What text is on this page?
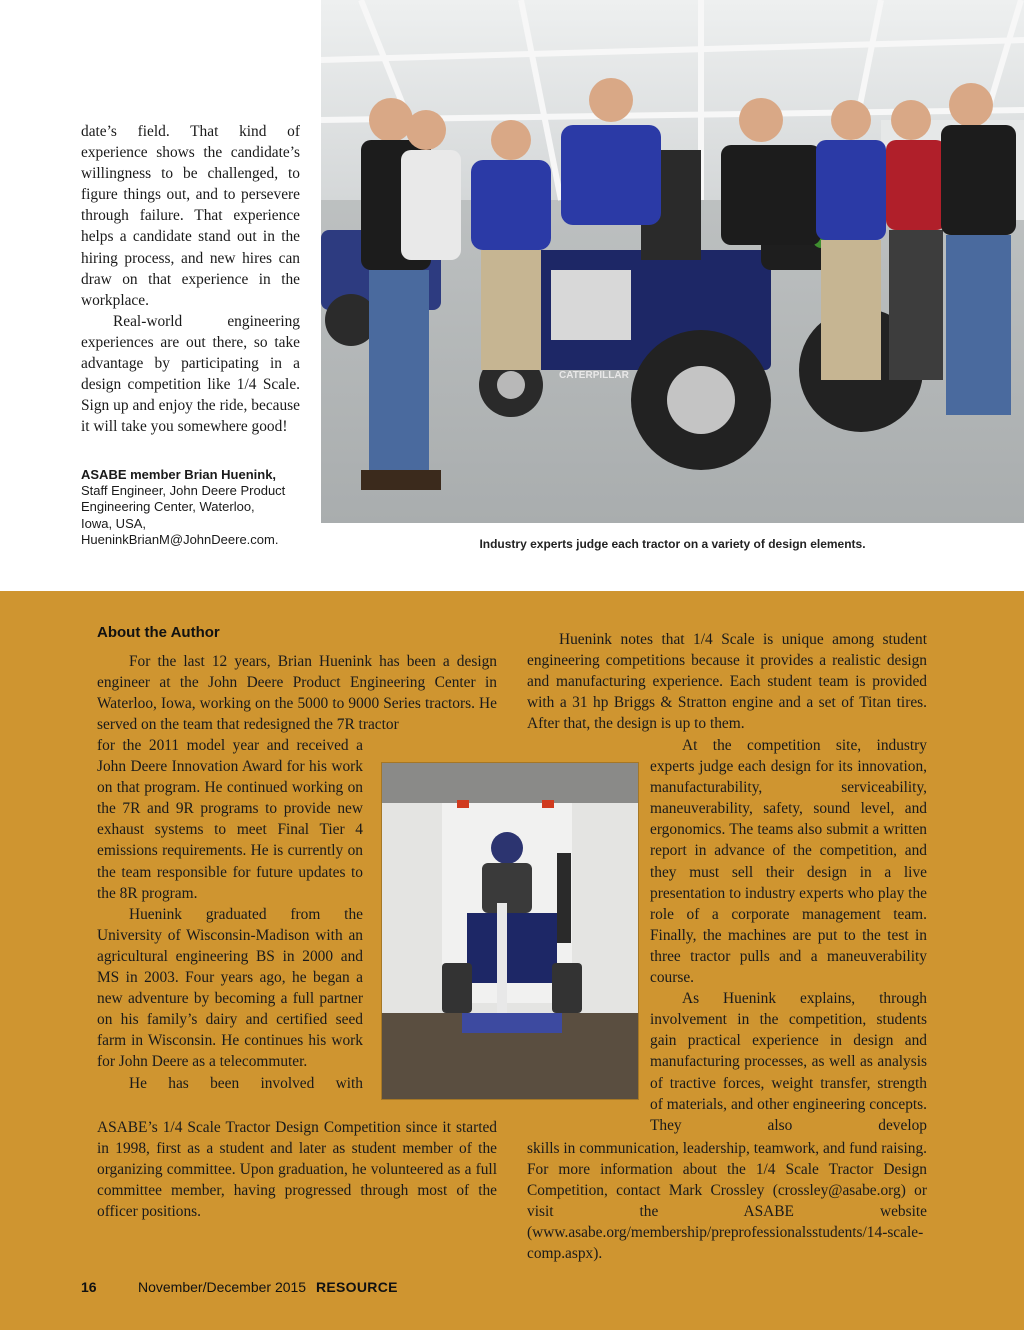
date’s field. That kind of experience shows the candidate’s willingness to be challenged, to figure things out, and to persevere through failure. That experience helps a candidate stand out in the hiring process, and new hires can draw on that experience in the workplace.

Real-world engineering experiences are out there, so take advantage by participating in a design competition like 1/4 Scale. Sign up and enjoy the ride, because it will take you somewhere good!

ASABE member Brian Huenink,
Staff Engineer, John Deere Product
Engineering Center, Waterloo,
Iowa, USA,
HueninkBrianM@JohnDeere.com.
CATERPILLAR
Industry experts judge each tractor on a variety of design elements.
About the Author

For the last 12 years, Brian Huenink has been a design engineer at the John Deere Product Engineering Center in Waterloo, Iowa, working on the 5000 to 9000 Series tractors. He served on the team that redesigned the 7R tractor

for the 2011 model year and received a John Deere Innovation Award for his work on that program. He continued working on the 7R and 9R programs to provide new exhaust systems to meet Final Tier 4 emissions requirements. He is currently on the team responsible for future updates to the 8R program.

Huenink graduated from the University of Wisconsin-Madison with an agricultural engineering BS in 2000 and MS in 2003. Four years ago, he began a new adventure by becoming a full partner on his family’s dairy and certified seed farm in Wisconsin. He continues his work for John Deere as a telecommuter.

He has been involved with

ASABE’s 1/4 Scale Tractor Design Competition since it started in 1998, first as a student and later as student member of the organizing committee. Upon graduation, he volunteered as a full committee member, having progressed through most of the officer positions.

Huenink notes that 1/4 Scale is unique among student engineering competitions because it provides a realistic design and manufacturing experience. Each student team is provided with a 31 hp Briggs & Stratton engine and a set of Titan tires. After that, the design is up to them.

At the competition site, industry experts judge each design for its innovation, manufacturability, serviceability, maneuverability, safety, sound level, and ergonomics. The teams also submit a written report in advance of the competition, and they must sell their design in a live presentation to industry experts who play the role of a corporate management team. Finally, the machines are put to the test in three tractor pulls and a maneuverability course.

As Huenink explains, through involvement in the competition, students gain practical experience in design and manufacturing processes, as well as analysis of tractive forces, weight transfer, strength of materials, and other engineering concepts. They also develop

skills in communication, leadership, teamwork, and fund raising. For more information about the 1/4 Scale Tractor Design Competition, contact Mark Crossley (crossley@asabe.org) or visit the ASABE website (www.asabe.org/membership/preprofessionalsstudents/14-scale-comp.aspx).

16	November/December 2015 RESOURCE
